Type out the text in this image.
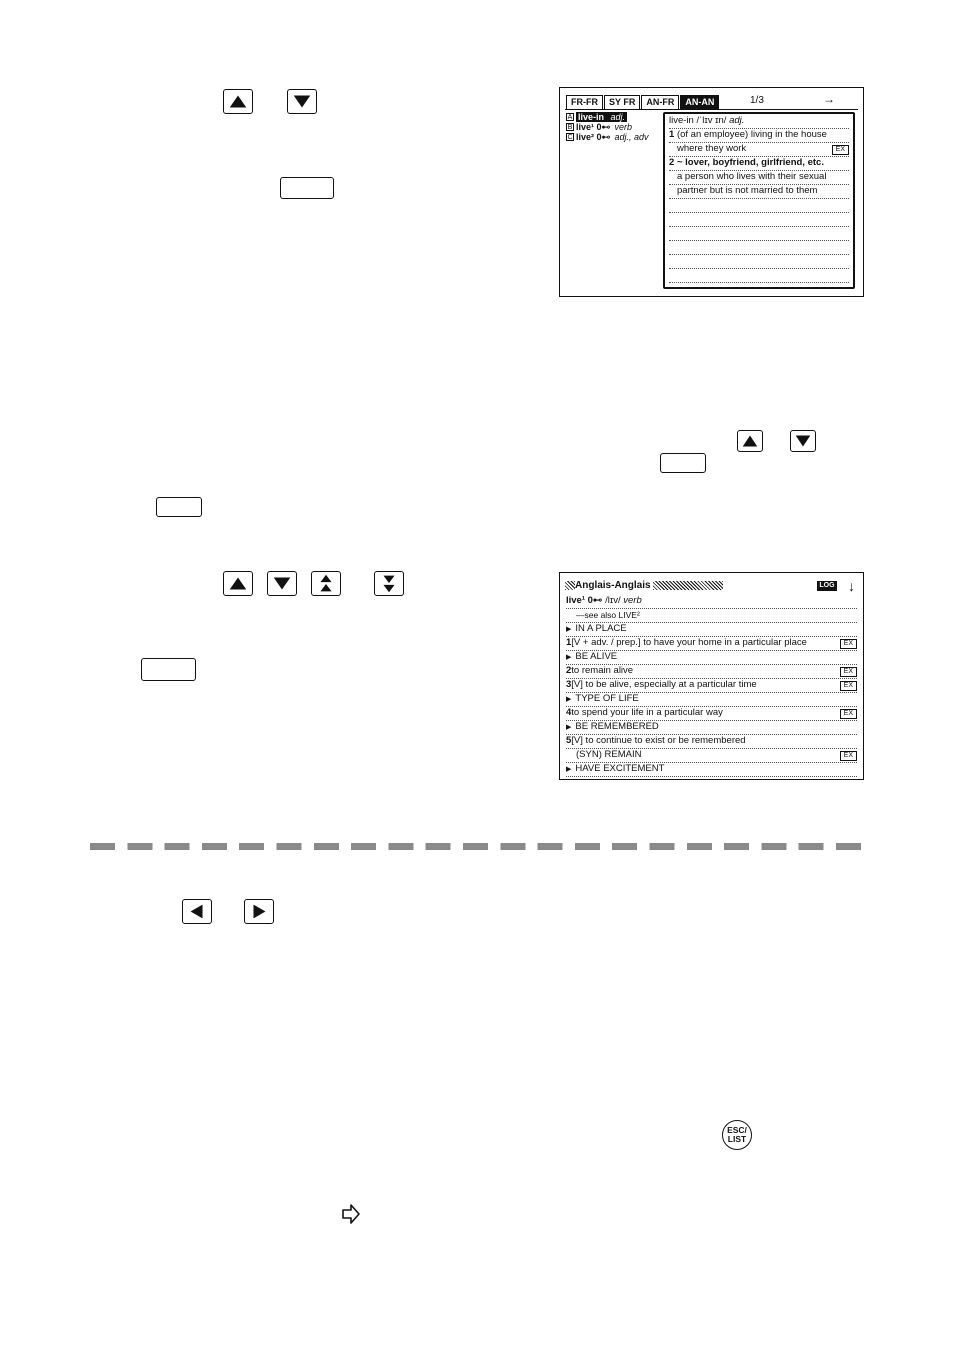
FR-FR	SY FR	AN-FR	AN-AN	1/3	→
A live-in adj.
B live¹ 0⊷ verb
C live² 0⊷ adj., adv
live-in /ˈlɪv ɪn/ adj.
1 (of an employee) living in the house
where they work	EX
2 ~ lover, boyfriend, girlfriend, etc.
a person who lives with their sexual
partner but is not married to them
Anglais-Anglais	LOG ↓
live¹ 0⊷ /lɪv/ verb
—see also LIVE²
▶ IN A PLACE
1[V + adv. / prep.] to have your home in a particular place	EX
▶ BE ALIVE
2to remain alive	EX
3[V] to be alive, especially at a particular time	EX
▶ TYPE OF LIFE
4to spend your life in a particular way	EX
▶ BE REMEMBERED
5[V] to continue to exist or be remembered
(SYN) REMAIN	EX
▶ HAVE EXCITEMENT
ESC/
LIST
